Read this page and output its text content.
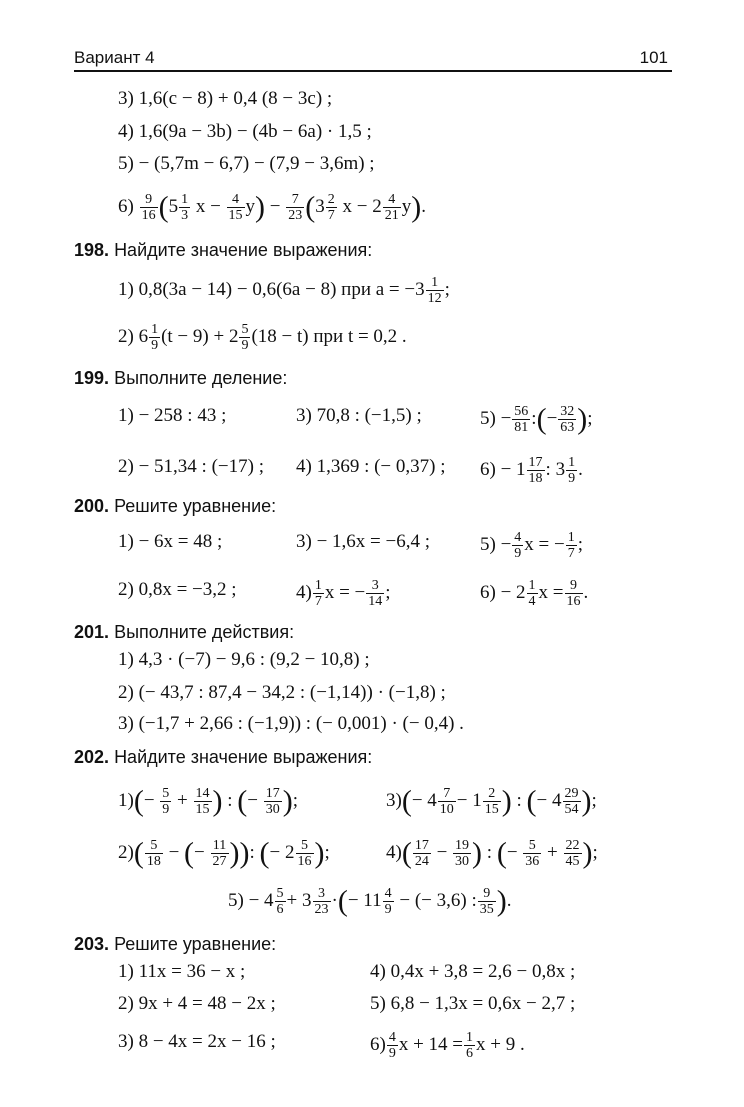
Вариант 4	101
3) 1,6(c − 8) + 0,4 (8 − 3c) ;
4) 1,6(9a − 3b) − (4b − 6a) · 1,5 ;
5) − (5,7m − 6,7) − (7,9 − 3,6m) ;
$6) \frac{9}{16} (5 \frac{1}{3}$ $x - \frac{4}{15} y) - \frac{7}{23} (3 \frac{2}{7}$ $x - 2 \frac{4}{21} y$).
198. Найдите значение выражения:
1) 0,8(3a − 14) − 0,6(6a − 8) при $a = -3 \frac{1}{12}$ ;
2) $6 \frac{1}{9} (t - 9) + 2 \frac{5}{9} (18 - t)$ при t = 0,2 .
199. Выполните деление:
1) − 258 : 43 ;	3) 70,8 : (−1,5) ;	$5) - \frac{56}{81}$ :(− $\frac{32}{63}$ );
2) − 51,34 : (−17) ; 4) 1,369 : (− 0,37) ; $6) - 1 \frac{17}{18}$ : $3 \frac{1}{9}$ .
200. Решите уравнение:
1) − 6x = 48 ;	3) − 1,6x = −6,4 ;	$5) - \frac{4}{9}$ x = − $\frac{1}{7}$ ;
2) 0,8x = −3,2 ;	$4) \frac{1}{7}$ x = − $\frac{3}{14}$ ;	$6) - 2 \frac{1}{4}$ $x = \frac{9}{16}$ .
201. Выполните действия:
1) 4,3 · (−7) − 9,6 : (9,2 − 10,8) ;
2) (− 43,7 : 87,4 − 34,2 : (−1,14)) · (−1,8) ;
3) (−1,7 + 2,66 : (−1,9)) : (− 0,001) · (− 0,4) .
202. Найдите значение выражения:
$1)(- \frac{5}{9} + \frac{14}{15}$ ) : (− $\frac{17}{30}$ );	$3)(- 4 \frac{7}{10} - 1 \frac{2}{15}$ ) : (− $4 \frac{29}{54}$ );
$2)( \frac{5}{18}$ − (− $\frac{11}{27}$ )): (− $2 \frac{5}{16}$ );	$4)( \frac{17}{24} - \frac{19}{30}$ ) : (− $\frac{5}{36} + \frac{22}{45}$ );
$5) - 4 \frac{5}{6} + 3 \frac{3}{23}$ ·(− $11 \frac{4}{9}$ − (− 3,6) : $\frac{9}{35}$ ).
203. Решите уравнение:
1) 11x = 36 − x ;	4) 0,4x + 3,8 = 2,6 − 0,8x ;
2) 9x + 4 = 48 − 2x ;	5) 6,8 − 1,3x = 0,6x − 2,7 ;
3) 8 − 4x = 2x − 16 ;	$6) \frac{4}{9}$ $x + 14 = \frac{1}{6}$ x + 9 .
